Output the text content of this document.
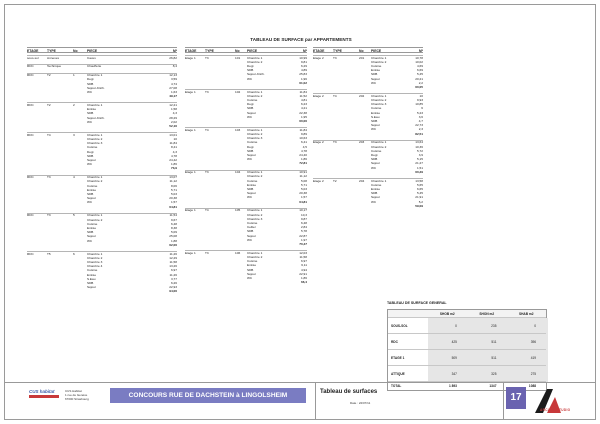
TABLEAU DE SURFACE par APPARTEMENTS
ETAGE	TYPE	No	PIECE	M²
sous-sol	Annexes	Caves	26,82
RDC	Technique	Chaufferie	8,4
RDC	T2	1	Chambre 1	12,13
Degt	3,59
SDB	4,74
Séjour-Kitch.	27,08
WC	1,63
49,17
RDC	T2	2	Chambre 1	12,21
Entrée	1,58
SDB	4,3
Séjour-Kitch.	28,29
WC	2,02
52,16
RDC	T4	3	Chambre 1	13,01
Chambre 2	10
Chambre 3	11,84
Cuisine	8,41
Degt	4,3
SDB	4,78
Séjour	24,42
WC	1,86
73,9
RDC	T3	4	Chambre 1	13,07
Chambre 2	11,12
Cuisine	8,06
Entrée	5,71
SDB	5,03
Séjour	20,38
WC	1,57
64,81
RDC	T3	5	Chambre 1	11,54
Chambre 2	9,67
Cuisine	6,48
Entrée	8,38
SDB	5,09
Séjour	25,08
WC	1,88
62,06
RDC	T5	6	Chambre 1	11,26
Chambre 2	12,29
Chambre 3	11,58
Chambre 4	13,26
Cuisine	6,97
Entrée	11,26
S.Eau	3,77
SDB	6,26
Séjour	22,93
94,06
ETAGE	TYPE	No	PIECE	M²
Etage 1	T3	101	Chambre 1	10,99
Chambre 2	9,81
Degt	6,29
SDB	4,89
Séjour-Kitch.	25,83
WC	1,96
61,02
Etage 1	T3	102	Chambre 1	11,84
Chambre 2	11,52
Cuisine	4,81
Degt	6,23
SDB	4,21
Séjour	22,38
WC	1,95
60,06
Etage 1	T4	103	Chambre 1	11,84
Chambre 2	9,89
Chambre 3	10,63
Cuisine	6,41
Degt	4,5
SDB	4,78
Séjour	24,40
WC	1,86
72,81
Etage 1	T3	104	Chambre 1	10,91
Chambre 2	11,12
Cuisine	5,08
Entrée	5,71
SDB	5,03
Séjour	20,38
WC	1,57
64,81
Etage 1	T4	105	Chambre 1	10,17
Chambre 2	10,3
Chambre 3	9,87
Cuisine	6,48
Cellier	2,84
SDB	5,78
Séjour	22,87
WC	1,97
70,47
Etage 1	T3	106	Chambre 1	12,03
Chambre 2	11,58
Cuisine	6,97
Entrée	6,11
SDB	4,94
Séjour	22,91
WC	1,86
66,4
ETAGE	TYPE	No	PIECE	M²
Etage 2	T3	201	Chambre 1	10,78
Chambre 2	10,02
Cuisine	4,69
Entrée	6,69
SDB	5,45
Séjour	20,21
WC	2,2
60,05
Etage 2	T4	202	Chambre 1	10
Chambre 2	9,93
Chambre 3	10,85
Cuisine	6
Entrée	5,23
S.Eau	3,6
SDB	4,7
Séjour	22,73
WC	2,3
82,51
Etage 2	T3	203	Chambre 1	13,64
Chambre 2	10,36
Cuisine	5,72
Degt	3,9
SDB	5,15
Séjour	21,27
WC	1,51
60,29
Etage 2	T2	204	Chambre 1	13,58
Cuisine	5,65
Entrée	6,65
SDB	5,45
Séjour	21,91
WC	5,2
59,09
TABLEAU DE SURFACE GENERAL
SHOB m2	SHON m2	SHAB m2
SOUS-SOL	0	235	0
RDC	425	511	396
ETAGE 1	509	511	419
ATTIQUE	347	325	275
TOTAL	1 893	1347	1088
CUS habitat	CUS Habitat
1 rue de Genève
67000 Strasbourg
CONCOURS RUE DE DACHSTEIN à LINGOLSHEIM	Tableau de surfaces
Date : 22/07/11	17
ARCADE STUDIO
